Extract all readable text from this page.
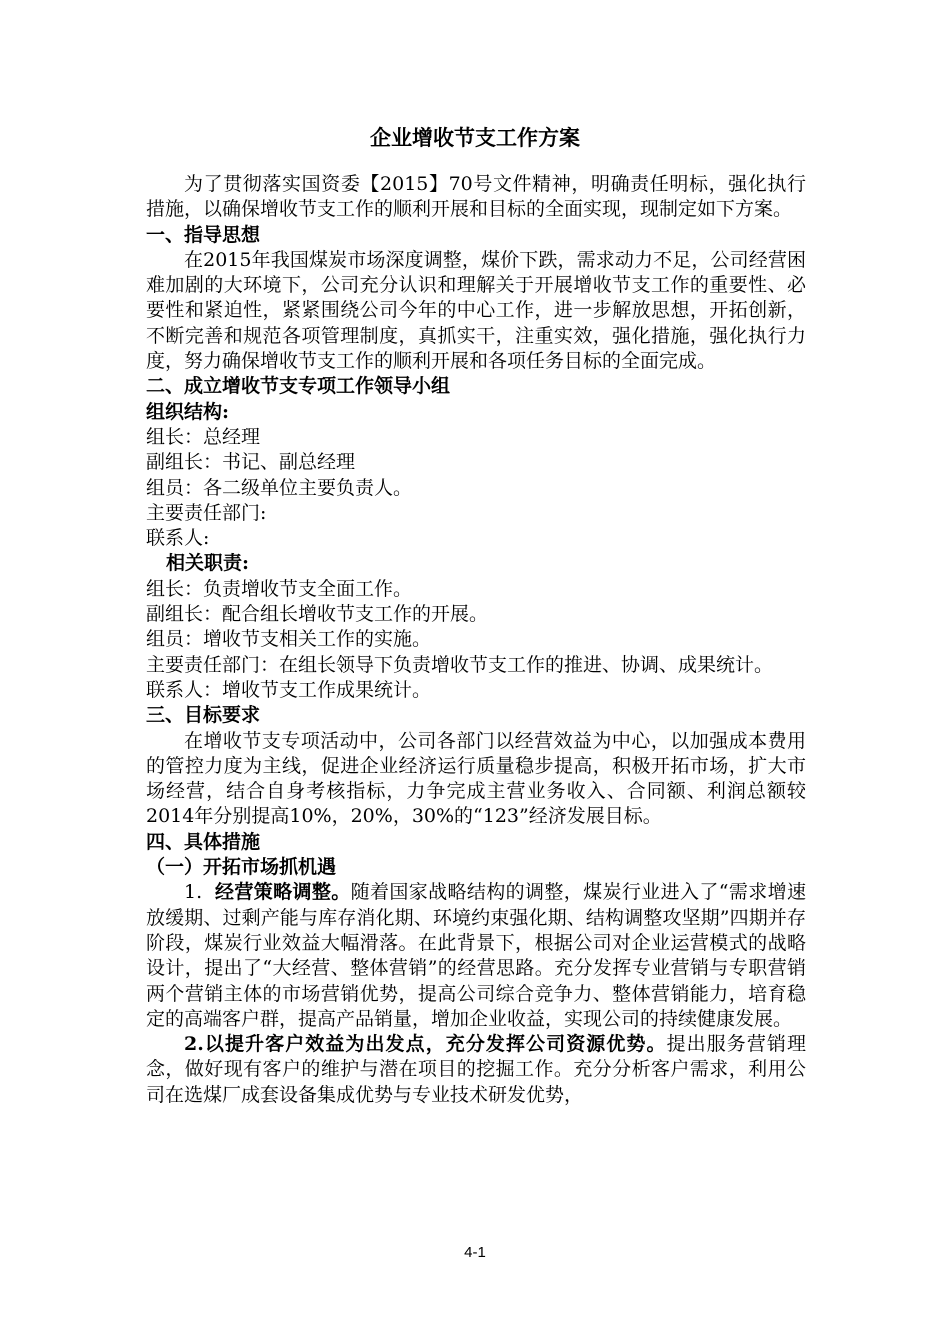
企业增收节支工作方案

为了贯彻落实国资委【2015】70号文件精神，明确责任明标，强化执行措施，以确保增收节支工作的顺利开展和目标的全面实现，现制定如下方案。

一、指导思想

在2015年我国煤炭市场深度调整，煤价下跌，需求动力不足，公司经营困难加剧的大环境下，公司充分认识和理解关于开展增收节支工作的重要性、必要性和紧迫性，紧紧围绕公司今年的中心工作，进一步解放思想，开拓创新，不断完善和规范各项管理制度，真抓实干，注重实效，强化措施，强化执行力度，努力确保增收节支工作的顺利开展和各项任务目标的全面完成。

二、成立增收节支专项工作领导小组

组织结构:

组长：总经理

副组长：书记、副总经理

组员：各二级单位主要负责人。

主要责任部门:

联系人:

相关职责:

组长：负责增收节支全面工作。

副组长：配合组长增收节支工作的开展。

组员：增收节支相关工作的实施。

主要责任部门：在组长领导下负责增收节支工作的推进、协调、成果统计。

联系人：增收节支工作成果统计。

三、目标要求

在增收节支专项活动中，公司各部门以经营效益为中心，以加强成本费用的管控力度为主线，促进企业经济运行质量稳步提高，积极开拓市场，扩大市场经营，结合自身考核指标，力争完成主营业务收入、合同额、利润总额较2014年分别提高10%，20%，30%的“123”经济发展目标。

四、具体措施

（一）开拓市场抓机遇

1. 经营策略调整。随着国家战略结构的调整，煤炭行业进入了“需求增速放缓期、过剩产能与库存消化期、环境约束强化期、结构调整攻坚期”四期并存阶段，煤炭行业效益大幅滑落。在此背景下，根据公司对企业运营模式的战略设计，提出了“大经营、整体营销”的经营思路。充分发挥专业营销与专职营销两个营销主体的市场营销优势，提高公司综合竞争力、整体营销能力，培育稳定的高端客户群，提高产品销量，增加企业收益，实现公司的持续健康发展。

2.以提升客户效益为出发点，充分发挥公司资源优势。提出服务营销理念，做好现有客户的维护与潜在项目的挖掘工作。充分分析客户需求，利用公司在选煤厂成套设备集成优势与专业技术研发优势，

4-1
